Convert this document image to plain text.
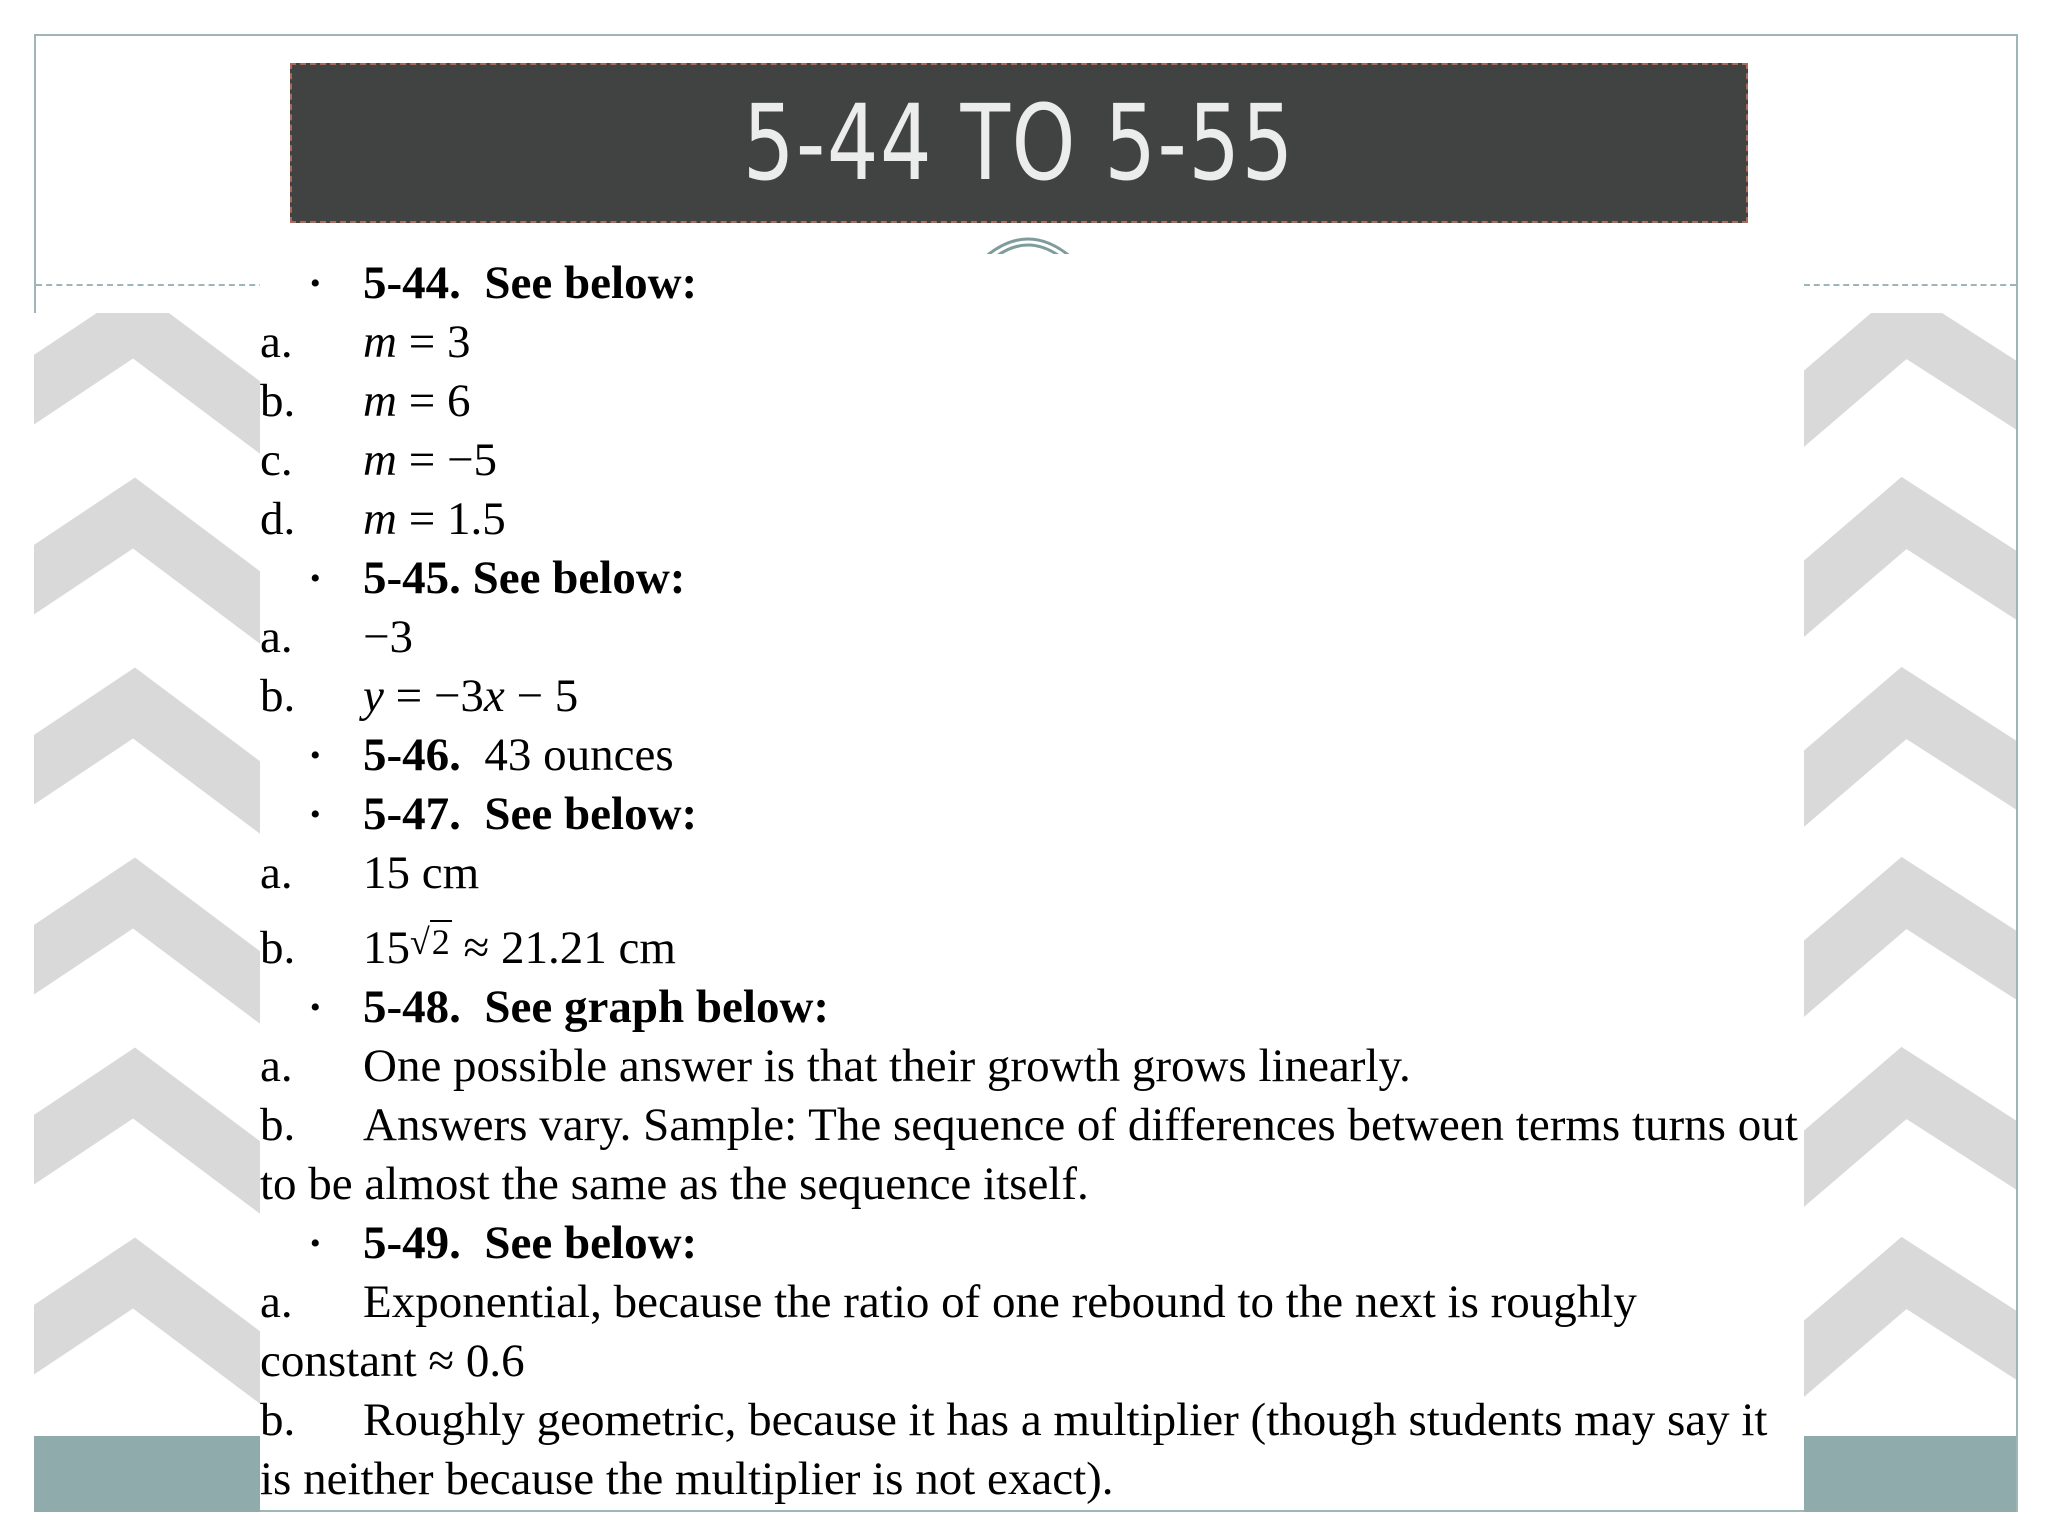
5-44 TO 5-55
• 5-44. See below:
a. m = 3
b. m = 6
c. m = −5
d. m = 1.5
• 5-45. See below:
a. −3
b. y = −3x − 5
• 5-46. 43 ounces
• 5-47. See below:
a. 15 cm
b. $15^{√2} \approx 21.21$ cm
• 5-48. See graph below:
a. One possible answer is that their growth grows linearly.
b.	Answers vary. Sample: The sequence of differences between terms turns out to be almost the same as the sequence itself.
• 5-49. See below:
a.	Exponential, because the ratio of one rebound to the next is roughly constant ≈ 0.6
b.	Roughly geometric, because it has a multiplier (though students may say it is neither because the multiplier is not exact).
